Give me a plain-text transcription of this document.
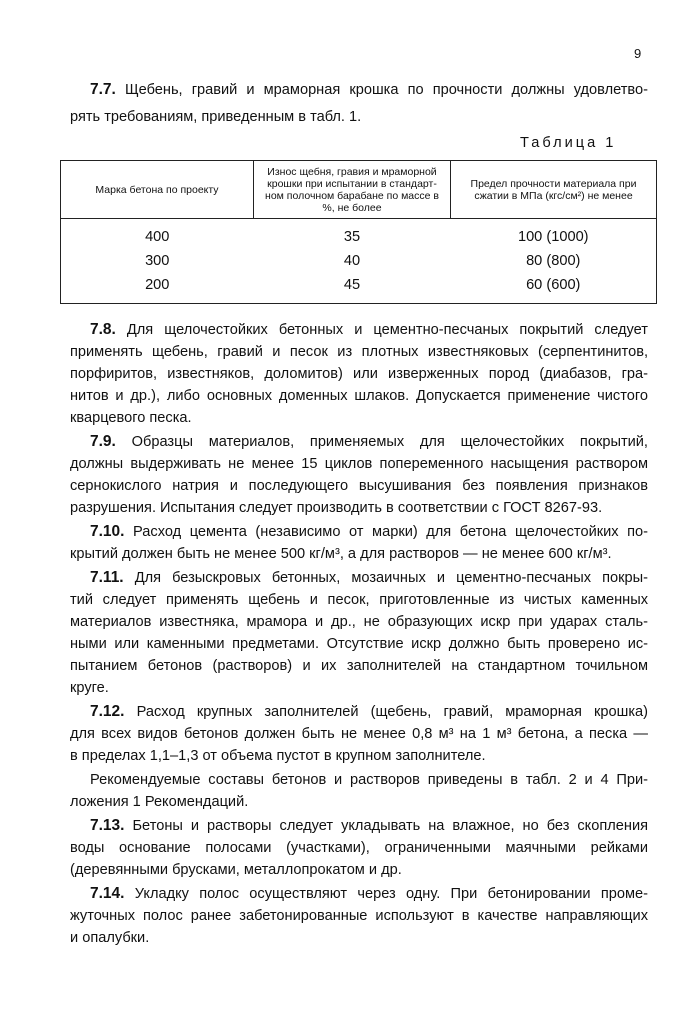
9
7.7. Щебень, гравий и мраморная крошка по прочности должны удовлетво-
рять требованиям, приведенным в табл. 1.
Таблица 1
Марка бетона по проекту	Износ щебня, гравия и мраморной крошки при испытании в стандарт-ном полочном барабане по массе в %, не более	Предел прочности материала при сжатии в МПа (кгс/см²) не менее
400	35	100 (1000)
300	40	80 (800)
200	45	60 (600)
7.8. Для щелочестойких бетонных и цементно-песчаных покрытий следует
применять щебень, гравий и песок из плотных известняковых (серпентинитов,
порфиритов, известняков, доломитов) или изверженных пород (диабазов, гра-
нитов и др.), либо основных доменных шлаков. Допускается применение чистого
кварцевого песка.
7.9. Образцы материалов, применяемых для щелочестойких покрытий,
должны выдерживать не менее 15 циклов попеременного насыщения раствором
сернокислого натрия и последующего высушивания без появления признаков
разрушения. Испытания следует производить в соответствии с ГОСТ 8267-93.
7.10. Расход цемента (независимо от марки) для бетона щелочестойких по-
крытий должен быть не менее 500 кг/м³, а для растворов — не менее 600 кг/м³.
7.11. Для безыскровых бетонных, мозаичных и цементно-песчаных покры-
тий следует применять щебень и песок, приготовленные из чистых каменных
материалов известняка, мрамора и др., не образующих искр при ударах сталь-
ными или каменными предметами. Отсутствие искр должно быть проверено ис-
пытанием бетонов (растворов) и их заполнителей на стандартном точильном
круге.
7.12. Расход крупных заполнителей (щебень, гравий, мраморная крошка)
для всех видов бетонов должен быть не менее 0,8 м³ на 1 м³ бетона, а песка —
в пределах 1,1–1,3 от объема пустот в крупном заполнителе.
Рекомендуемые составы бетонов и растворов приведены в табл. 2 и 4 При-
ложения 1 Рекомендаций.
7.13. Бетоны и растворы следует укладывать на влажное, но без скопления
воды основание полосами (участками), ограниченными маячными рейками
(деревянными брусками, металлопрокатом и др.
7.14. Укладку полос осуществляют через одну. При бетонировании проме-
жуточных полос ранее забетонированные используют в качестве направляющих
и опалубки.
